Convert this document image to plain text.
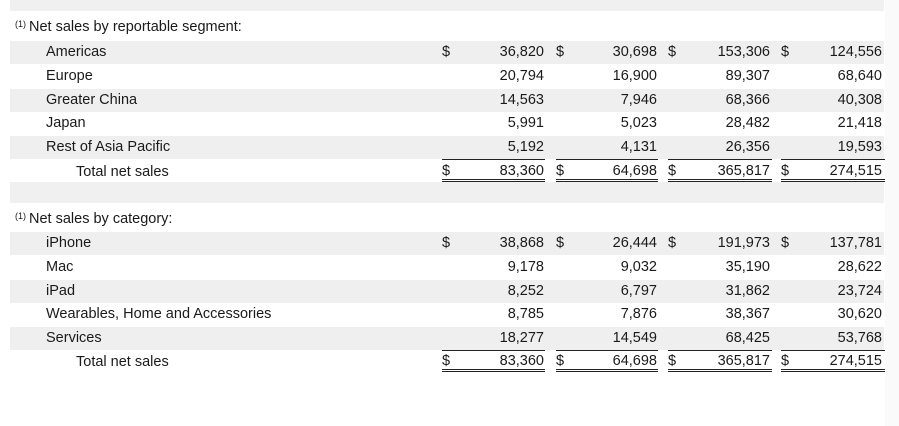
$^{(1)}$ Net sales by reportable segment:
Americas	$	36,820 $	30,698 $	153,306 $	124,556
Europe	20,794	16,900	89,307	68,640
Greater China	14,563	7,946	68,366	40,308
Japan	5,991	5,023	28,482	21,418
Rest of Asia Pacific	5,192	4,131	26,356	19,593
Total net sales	$	83,360 $	64,698 $	365,817 $	274,515
$^{(1)}$ Net sales by category:
iPhone	$	38,868 $	26,444 $	191,973 $	137,781
Mac	9,178	9,032	35,190	28,622
iPad	8,252	6,797	31,862	23,724
Wearables, Home and Accessories	8,785	7,876	38,367	30,620
Services	18,277	14,549	68,425	53,768
Total net sales	$	83,360 $	64,698 $	365,817 $	274,515
